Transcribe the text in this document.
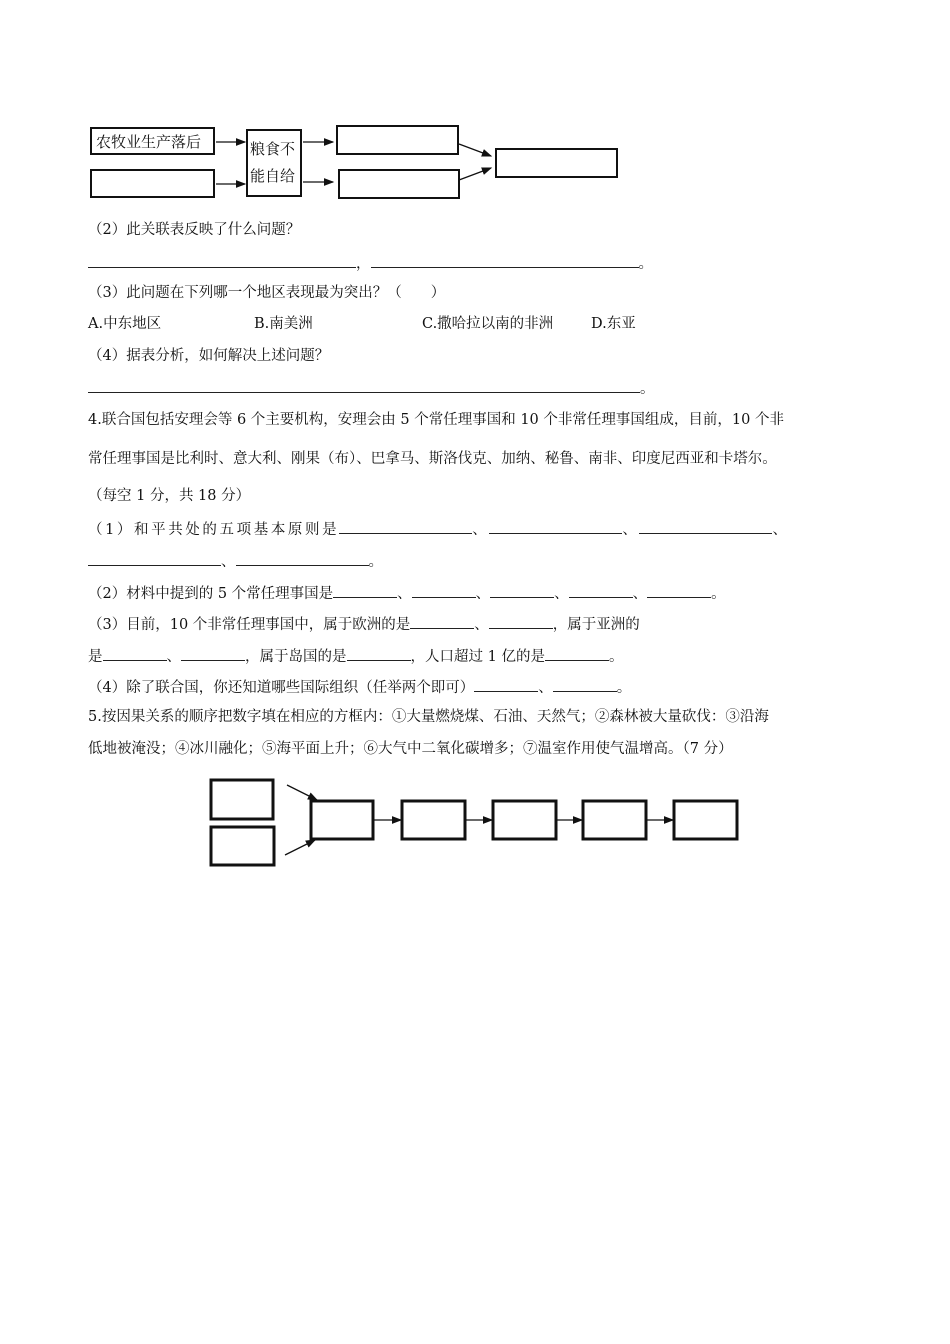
农牧业生产落后	粮食不
能自给
（2）此关联表反映了什么问题？
，	。
（3）此问题在下列哪一个地区表现最为突出？（　　）
A.中东地区	B.南美洲	C.撒哈拉以南的非洲	D.东亚
（4）据表分析，如何解决上述问题？
。
4.联合国包括安理会等 6 个主要机构，安理会由 5 个常任理事国和 10 个非常任理事国组成，目前，10 个非
常任理事国是比利时、意大利、刚果（布）、巴拿马、斯洛伐克、加纳、秘鲁、南非、印度尼西亚和卡塔尔。
（每空 1 分，共 18 分）
（1）和平共处的五项基本原则是	、	、	、
、	。
（2）材料中提到的 5 个常任理事国是	、	、	、	、	。
（3）目前，10 个非常任理事国中，属于欧洲的是	、	，属于亚洲的
是	、	，属于岛国的是	，人口超过 1 亿的是	。
（4）除了联合国，你还知道哪些国际组织（任举两个即可）	、	。
5.按因果关系的顺序把数字填在相应的方框内：①大量燃烧煤、石油、天然气；②森林被大量砍伐：③沿海
低地被淹没；④冰川融化；⑤海平面上升；⑥大气中二氧化碳增多；⑦温室作用使气温增高。（7 分）
